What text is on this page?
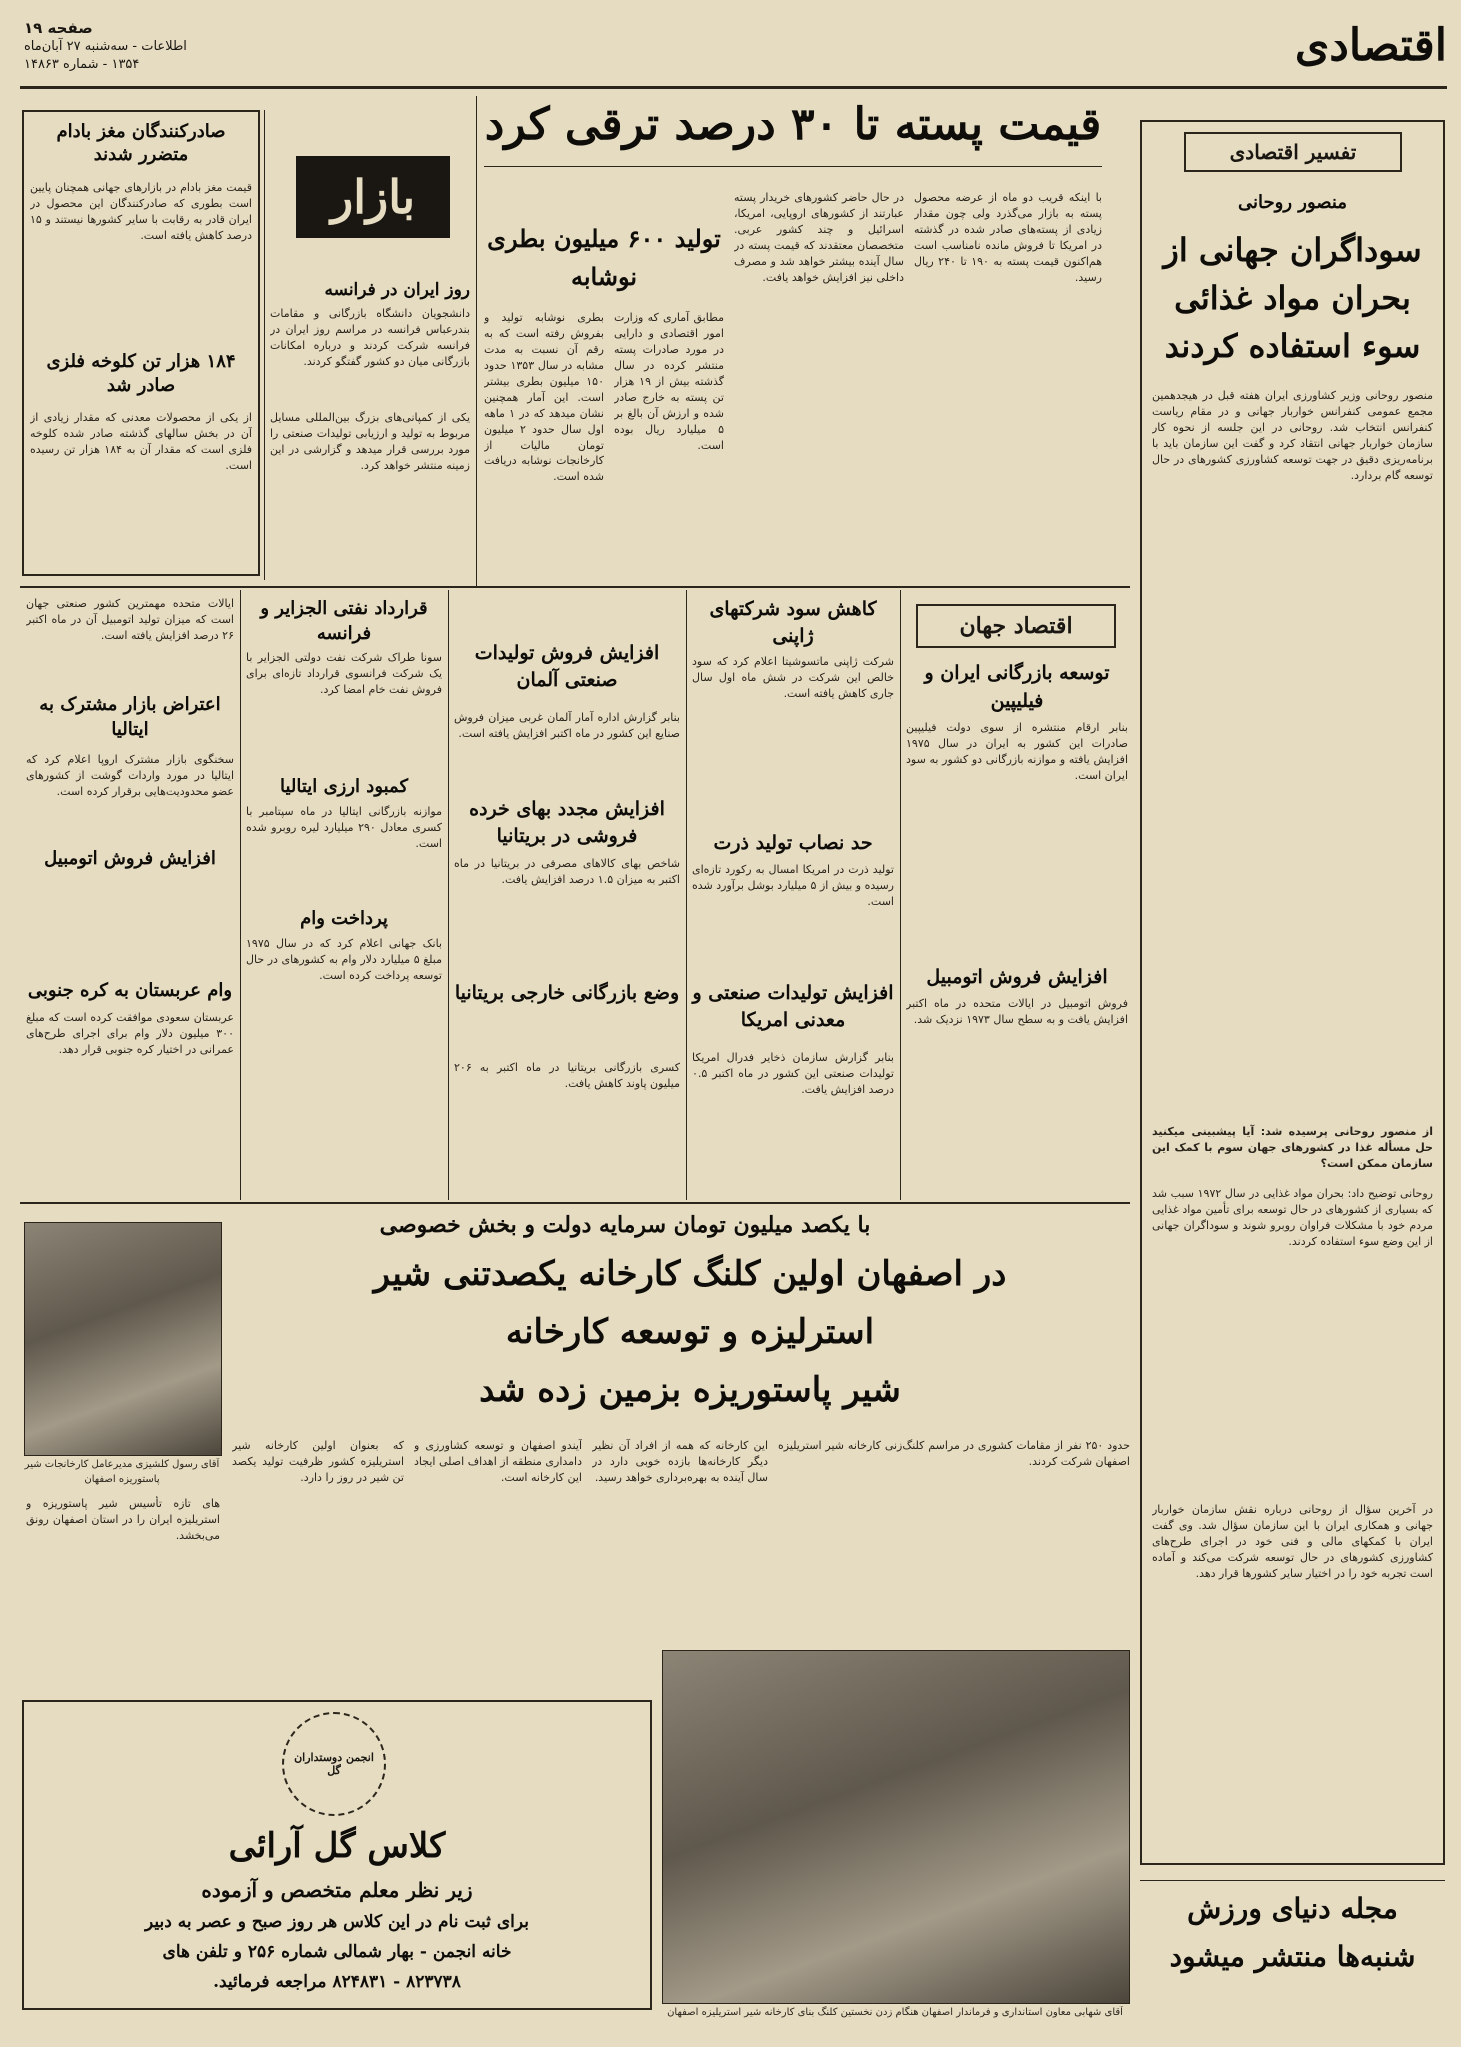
اقتصادی
صفحه ۱۹
اطلاعات - سه‌شنبه ۲۷ آبان‌ماه
۱۳۵۴ - شماره ۱۴۸۶۳
صادرکنندگان مغز بادام متضرر شدند
قیمت مغز بادام در بازارهای جهانی همچنان پایین است بطوری که صادرکنندگان این محصول در ایران قادر به رقابت با سایر کشورها نیستند و ۱۵ درصد کاهش یافته است.
۱۸۴ هزار تن کلوخه فلزی صادر شد
از یکی از محصولات معدنی که مقدار زیادی از آن در بخش سالهای گذشته صادر شده کلوخه فلزی است که مقدار آن به ۱۸۴ هزار تن رسیده است.
بازار
روز ایران در فرانسه
دانشجویان دانشگاه بازرگانی و مقامات بندرعباس‌ فرانسه در مراسم روز ایران در فرانسه شرکت کردند و درباره امکانات بازرگانی میان دو کشور گفتگو کردند.
یکی از کمپانی‌های بزرگ بین‌المللی مسایل مربوط به تولید و ارزیابی تولیدات صنعتی را مورد بررسی قرار میدهد و گزارشی در این زمینه منتشر خواهد کرد.
قیمت پسته تا ۳۰ درصد ترقی کرد
تولید ۶۰۰ میلیون بطری نوشابه
بطری نوشابه تولید و بفروش رفته است که به رقم آن نسبت به مدت مشابه در سال ۱۳۵۳ حدود ۱۵۰ میلیون بطری بیشتر است. این آمار همچنین نشان میدهد که در ۱ ماهه اول سال حدود ۲ میلیون تومان مالیات از کارخانجات نوشابه دریافت شده است.
مطابق آماری که وزارت امور اقتصادی و دارایی در مورد صادرات پسته منتشر کرده در سال گذشته بیش از ۱۹ هزار تن پسته به خارج صادر شده و ارزش آن بالغ بر ۵ میلیارد ریال بوده است.
در حال حاضر کشورهای خریدار پسته عبارتند از کشورهای اروپایی، امریکا، اسرائیل و چند کشور عربی. متخصصان معتقدند که قیمت پسته در سال آینده بیشتر خواهد شد و مصرف داخلی نیز افزایش خواهد یافت.
با اینکه قریب دو ماه از عرضه محصول پسته به بازار می‌گذرد ولی چون مقدار زیادی از پسته‌های صادر شده در گذشته در امریکا تا فروش مانده نامناسب است هم‌اکنون قیمت پسته به ۱۹۰ تا ۲۴۰ ریال رسید.
تفسیر اقتصادی
منصور روحانی
سوداگران جهانی از بحران مواد غذائی سوء استفاده کردند
منصور روحانی وزیر کشاورزی ایران هفته قبل در هیجدهمین مجمع عمومی کنفرانس خواربار جهانی و در مقام ریاست کنفرانس انتخاب شد. روحانی در این جلسه از نحوه کار سازمان خواربار جهانی انتقاد کرد و گفت این سازمان باید با برنامه‌ریزی دقیق در جهت توسعه کشاورزی کشورهای در حال توسعه گام بردارد.
از منصور روحانی پرسیده شد: آیا پیشبینی میکنید حل مسأله غذا در کشورهای جهان سوم با کمک این سازمان ممکن است؟
روحانی توضیح داد: بحران مواد غذایی در سال ۱۹۷۲ سبب شد که بسیاری از کشورهای در حال توسعه برای تأمین مواد غذایی مردم خود با مشکلات فراوان روبرو شوند و سوداگران جهانی از این وضع سوء استفاده کردند.
در آخرین سؤال از روحانی درباره نقش سازمان خواربار جهانی و همکاری ایران با این سازمان سؤال شد. وی گفت ایران با کمکهای مالی و فنی خود در اجرای طرح‌های کشاورزی کشورهای در حال توسعه شرکت می‌کند و آماده است تجربه خود را در اختیار سایر کشورها قرار دهد.
مجله دنیای ورزش
شنبه‌ها منتشر میشود
ایالات متحده مهمترین کشور صنعتی جهان است که میزان تولید اتومبیل آن در ماه اکتبر ۲۶ درصد افزایش یافته است.
اعتراض بازار مشترک به ایتالیا
سخنگوی بازار مشترک اروپا اعلام کرد که ایتالیا در مورد واردات گوشت از کشورهای عضو محدودیت‌هایی برقرار کرده است.
افزایش فروش اتومبیل
وام عربستان به کره جنوبی
عربستان سعودی موافقت کرده است که مبلغ ۳۰۰ میلیون دلار وام برای اجرای طرح‌های عمرانی در اختیار کره جنوبی قرار دهد.
قرارداد نفتی الجزایر و فرانسه
سونا طراک شرکت نفت دولتی الجزایر با یک شرکت فرانسوی قرارداد تازه‌ای برای فروش نفت خام امضا کرد.
کمبود ارزی ایتالیا
موازنه بازرگانی ایتالیا در ماه سپتامبر با کسری معادل ۲۹۰ میلیارد لیره روبرو شده است.
پرداخت وام
بانک جهانی اعلام کرد که در سال ۱۹۷۵ مبلغ ۵ میلیارد دلار وام به کشورهای در حال توسعه پرداخت کرده است.
افزایش فروش تولیدات صنعتی آلمان
بنابر گزارش اداره آمار آلمان غربی میزان فروش صنایع این کشور در ماه اکتبر افزایش یافته است.
افزایش مجدد بهای خرده فروشی در بریتانیا
شاخص بهای کالاهای مصرفی در بریتانیا در ماه اکتبر به میزان ۱.۵ درصد افزایش یافت.
وضع بازرگانی خارجی بریتانیا
کسری بازرگانی بریتانیا در ماه اکتبر به ۲۰۶ میلیون پاوند کاهش یافت.
کاهش سود شرکتهای ژاپنی
شرکت ژاپنی ماتسوشیتا اعلام کرد که سود خالص این شرکت در شش ماه اول سال جاری کاهش یافته است.
حد نصاب تولید ذرت
تولید ذرت در امریکا امسال به رکورد تازه‌ای رسیده و بیش از ۵ میلیارد بوشل برآورد شده است.
افزایش تولیدات صنعتی و معدنی امریکا
بنابر گزارش سازمان ذخایر فدرال امریکا تولیدات صنعتی این کشور در ماه اکتبر ۰.۵ درصد افزایش یافت.
اقتصاد جهان
توسعه بازرگانی ایران و فیلیپین
بنابر ارقام منتشره از سوی دولت فیلیپین صادرات این کشور به ایران در سال ۱۹۷۵ افزایش یافته و موازنه بازرگانی دو کشور به سود ایران است.
افزایش فروش اتومبیل
فروش اتومبیل در ایالات متحده در ماه اکتبر افزایش یافت و به سطح سال ۱۹۷۳ نزدیک شد.
با یکصد میلیون تومان سرمایه دولت و بخش خصوصی
در اصفهان اولین کلنگ کارخانه یکصدتنی شیر
استرلیزه و توسعه کارخانه
شیر پاستوریزه بزمین زده شد
آقای رسول کلشیزی مدیرعامل کارخانجات شیر پاستوریزه اصفهان
های تازه تأسیس شیر پاستوریزه و استریلیزه ایران را در استان اصفهان رونق می‌بخشد.
که بعنوان اولین کارخانه شیر استریلیزه کشور ظرفیت تولید یکصد تن شیر در روز را دارد.
آیندو اصفهان و توسعه کشاورزی و دامداری منطقه از اهداف اصلی ایجاد این کارخانه است.
این کارخانه که همه از افراد آن نظیر دیگر کارخانه‌ها بازده خوبی دارد در سال آینده به بهره‌برداری خواهد رسید.
حدود ۲۵۰ نفر از مقامات کشوری در مراسم کلنگ‌زنی کارخانه شیر استریلیزه اصفهان شرکت کردند.
آقای شهابی معاون استانداری و فرماندار اصفهان هنگام زدن نخستین کلنگ بنای کارخانه شیر استریلیزه اصفهان
انجمن دوستداران گل
کلاس گل آرائی
زیر نظر معلم متخصص و آزموده
برای ثبت نام در این کلاس هر روز صبح و عصر به دبیر
خانه انجمن - بهار شمالی شماره ۲۵۶ و تلفن های
۸۲۳۷۳۸ - ۸۲۴۸۳۱ مراجعه فرمائید.
